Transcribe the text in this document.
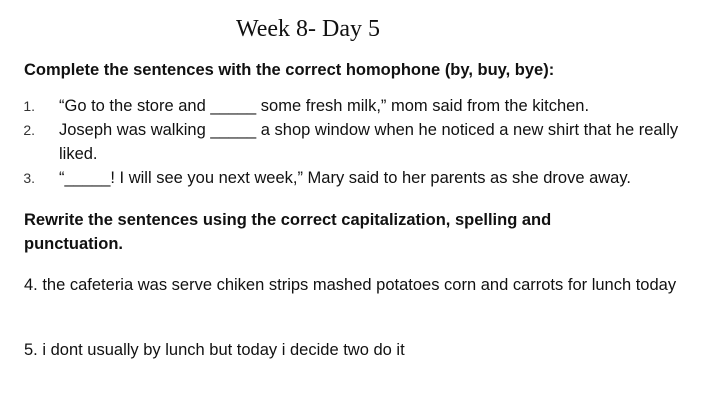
Week 8- Day 5
Complete the sentences with the correct homophone (by, buy, bye):
1. “Go to the store and _____ some fresh milk,” mom said from the kitchen.
2. Joseph was walking _____ a shop window when he noticed a new shirt that he really liked.
3. “_____! I will see you next week,” Mary said to her parents as she drove away.
Rewrite the sentences using the correct capitalization, spelling and punctuation.
4. the cafeteria was serve chiken strips mashed potatoes corn and carrots for lunch today
5. i dont usually by lunch but today i decide two do it
